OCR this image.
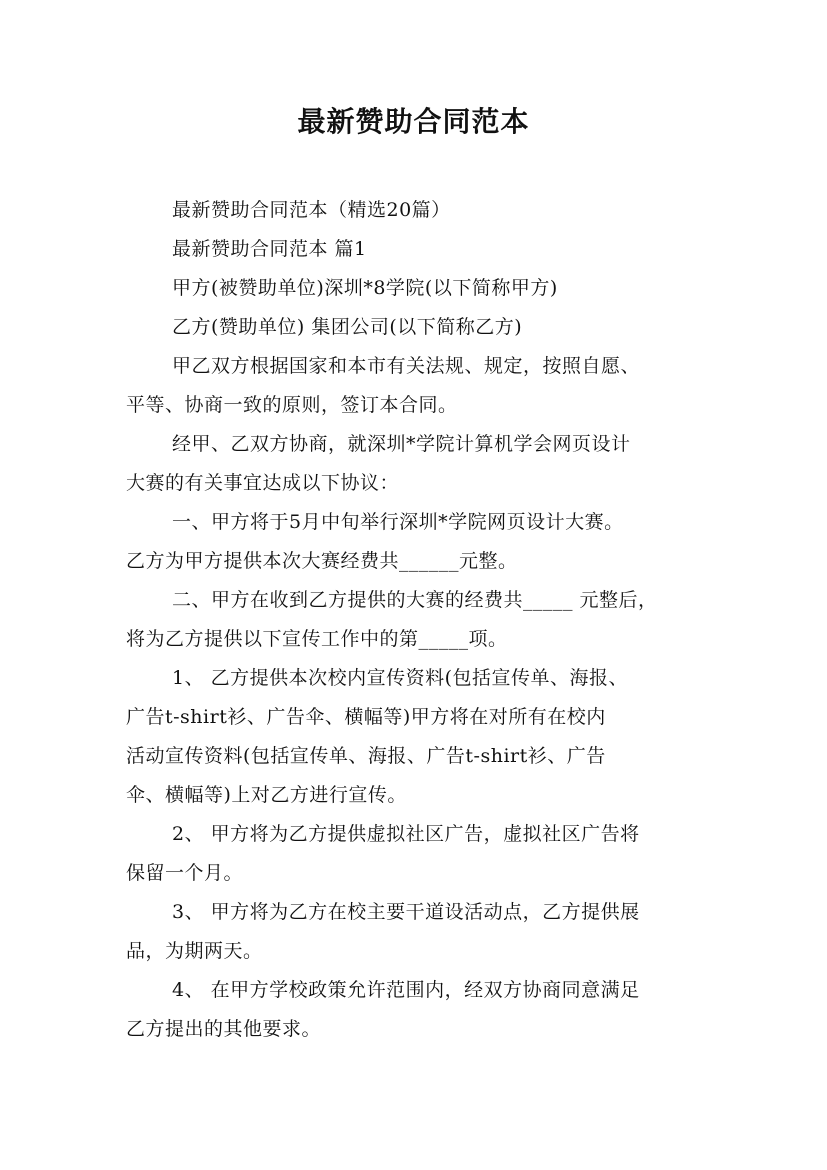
最新赞助合同范本
最新赞助合同范本（精选20篇）
最新赞助合同范本 篇1
甲方(被赞助单位)深圳*8学院(以下简称甲方)
乙方(赞助单位) 集团公司(以下简称乙方)
甲乙双方根据国家和本市有关法规、规定，按照自愿、
平等、协商一致的原则，签订本合同。
经甲、乙双方协商，就深圳*学院计算机学会网页设计
大赛的有关事宜达成以下协议：
一、甲方将于5月中旬举行深圳*学院网页设计大赛。
乙方为甲方提供本次大赛经费共______元整。
二、甲方在收到乙方提供的大赛的经费共_____ 元整后，
将为乙方提供以下宣传工作中的第_____项。
1、 乙方提供本次校内宣传资料(包括宣传单、海报、
广告t-shirt衫、广告伞、横幅等)甲方将在对所有在校内
活动宣传资料(包括宣传单、海报、广告t-shirt衫、广告
伞、横幅等)上对乙方进行宣传。
2、 甲方将为乙方提供虚拟社区广告，虚拟社区广告将
保留一个月。
3、 甲方将为乙方在校主要干道设活动点，乙方提供展
品，为期两天。
4、 在甲方学校政策允许范围内，经双方协商同意满足
乙方提出的其他要求。
